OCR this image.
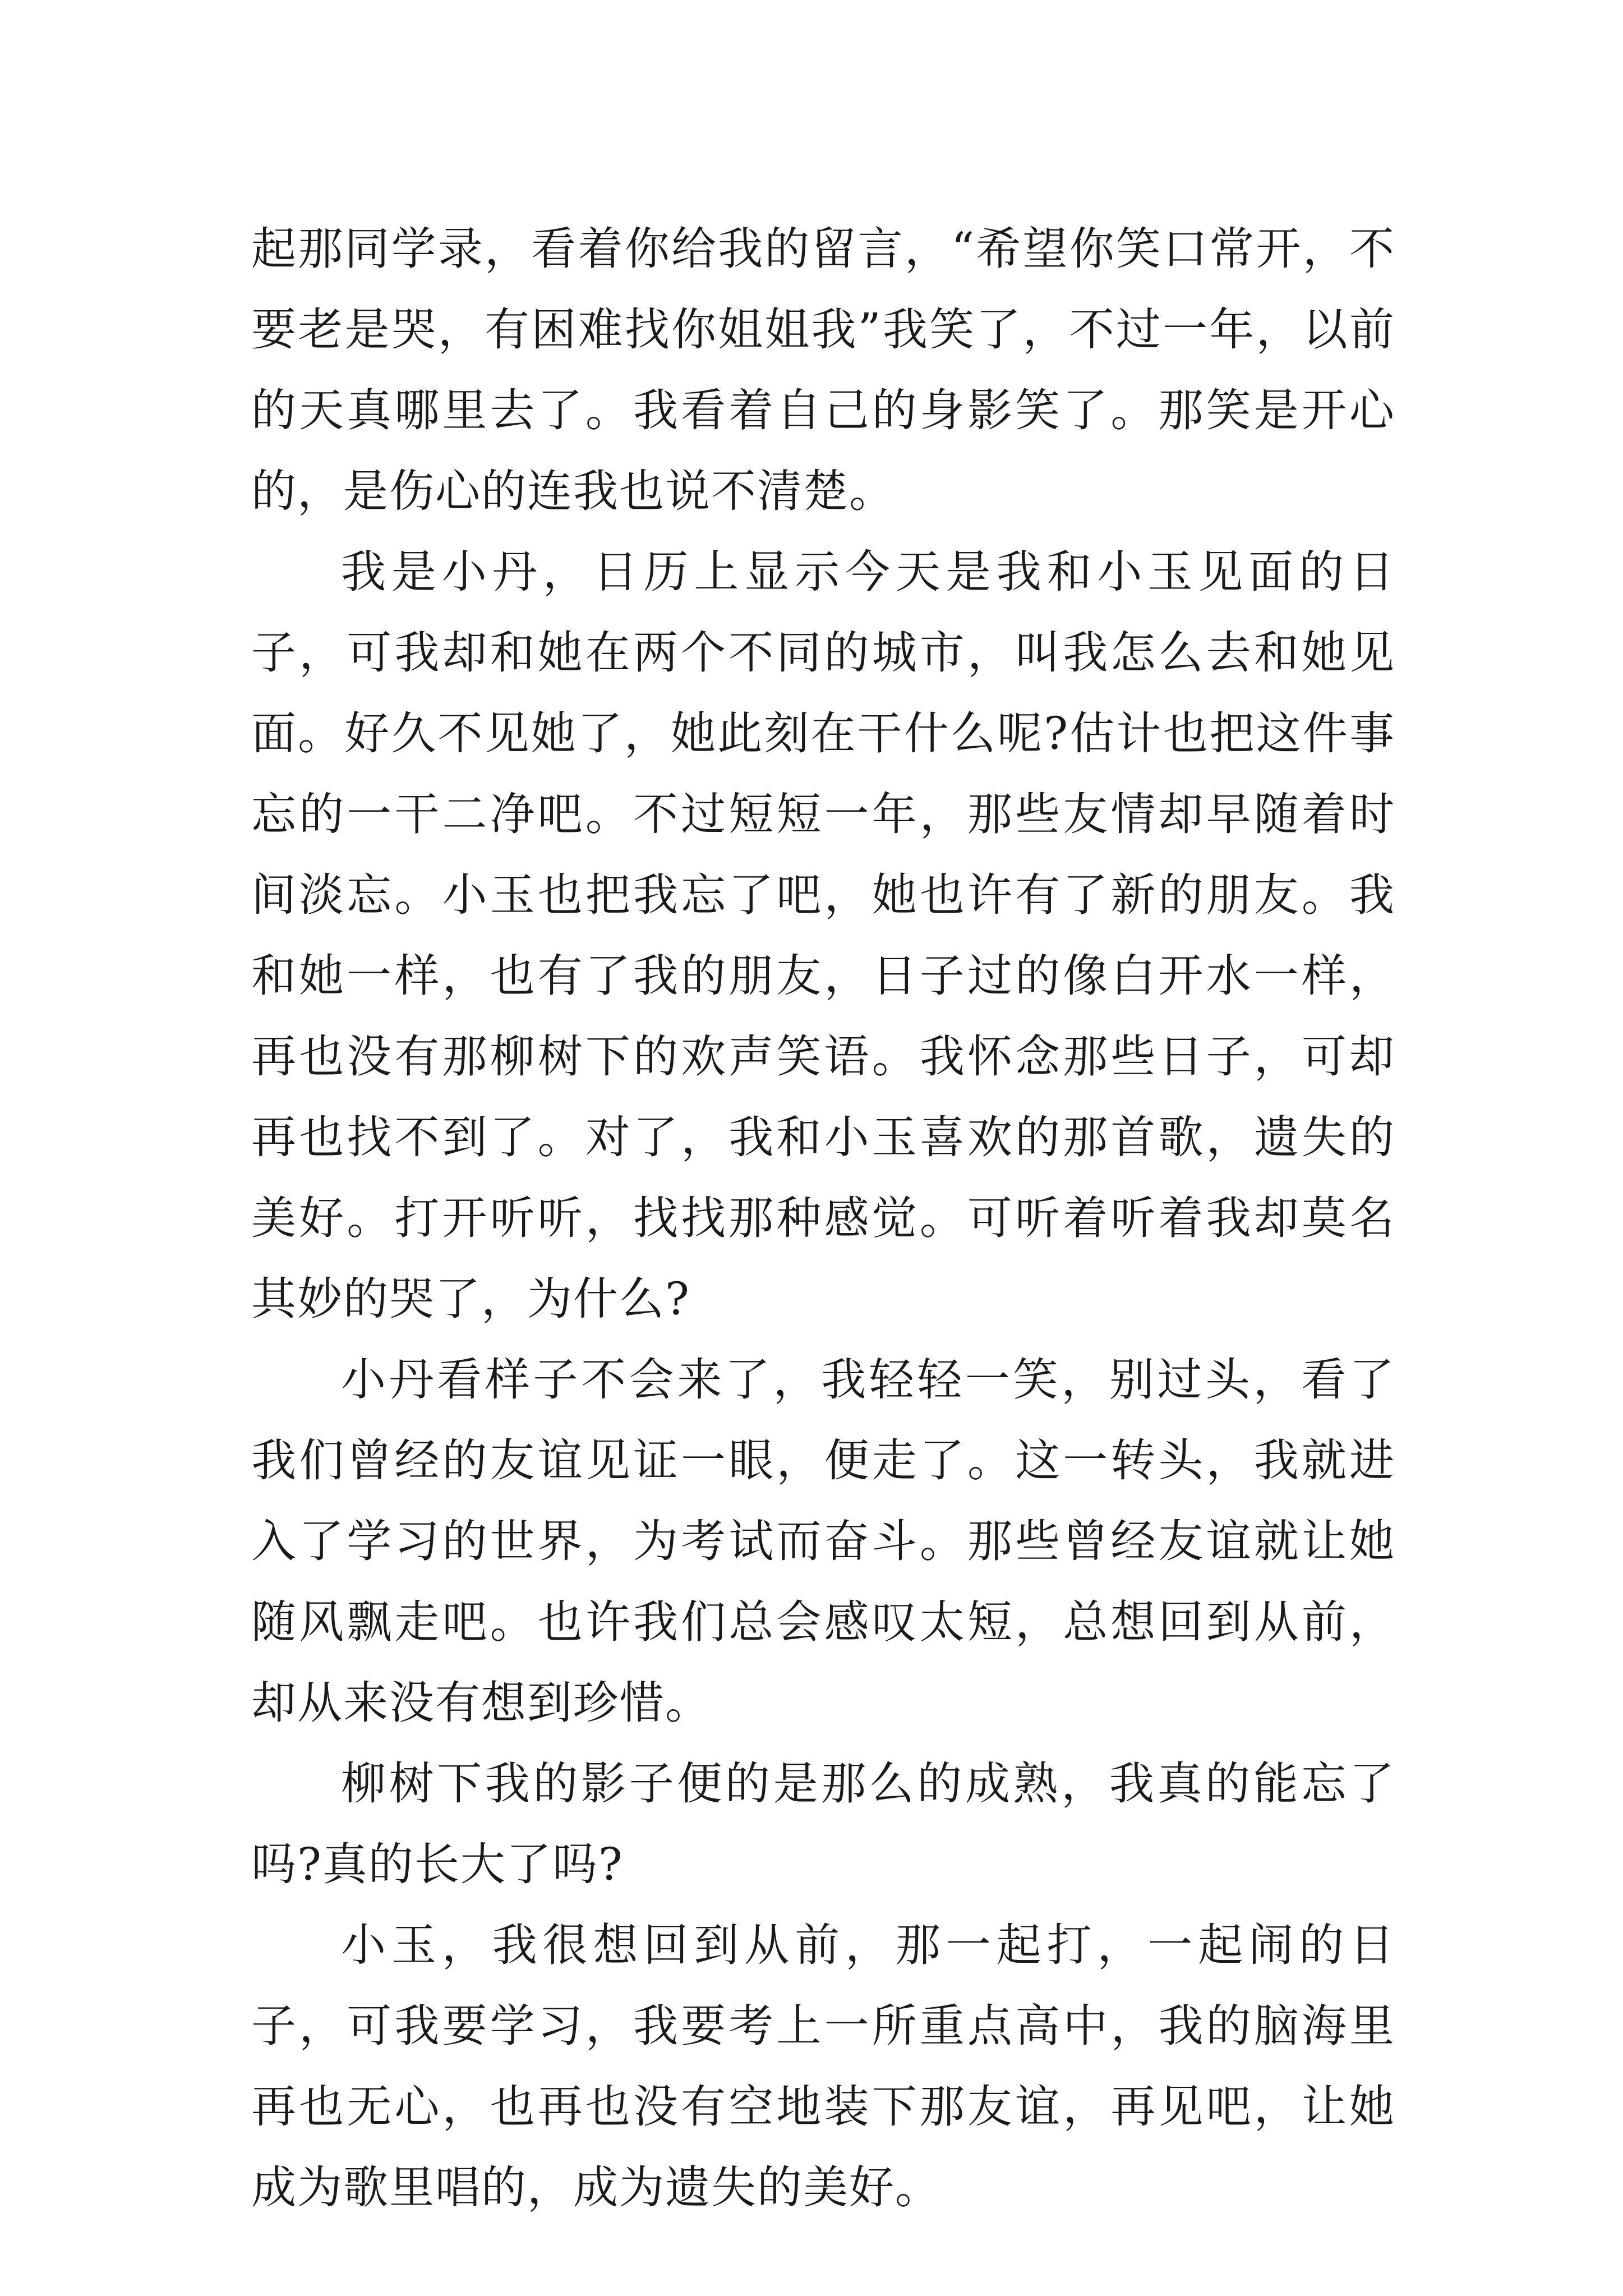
起那同学录，看着你给我的留言，“希望你笑口常开，不要老是哭，有困难找你姐姐我”我笑了，不过一年，以前的天真哪里去了。我看着自己的身影笑了。那笑是开心的，是伤心的连我也说不清楚。

我是小丹，日历上显示今天是我和小玉见面的日子，可我却和她在两个不同的城市，叫我怎么去和她见面。好久不见她了，她此刻在干什么呢?估计也把这件事忘的一干二净吧。不过短短一年，那些友情却早随着时间淡忘。小玉也把我忘了吧，她也许有了新的朋友。我和她一样，也有了我的朋友，日子过的像白开水一样，再也没有那柳树下的欢声笑语。我怀念那些日子，可却再也找不到了。对了，我和小玉喜欢的那首歌，遗失的美好。打开听听，找找那种感觉。可听着听着我却莫名其妙的哭了，为什么?

小丹看样子不会来了，我轻轻一笑，别过头，看了我们曾经的友谊见证一眼，便走了。这一转头，我就进入了学习的世界，为考试而奋斗。那些曾经友谊就让她随风飘走吧。也许我们总会感叹太短，总想回到从前，却从来没有想到珍惜。

柳树下我的影子便的是那么的成熟，我真的能忘了吗?真的长大了吗?

小玉，我很想回到从前，那一起打，一起闹的日子，可我要学习，我要考上一所重点高中，我的脑海里再也无心，也再也没有空地装下那友谊，再见吧，让她成为歌里唱的，成为遗失的美好。
